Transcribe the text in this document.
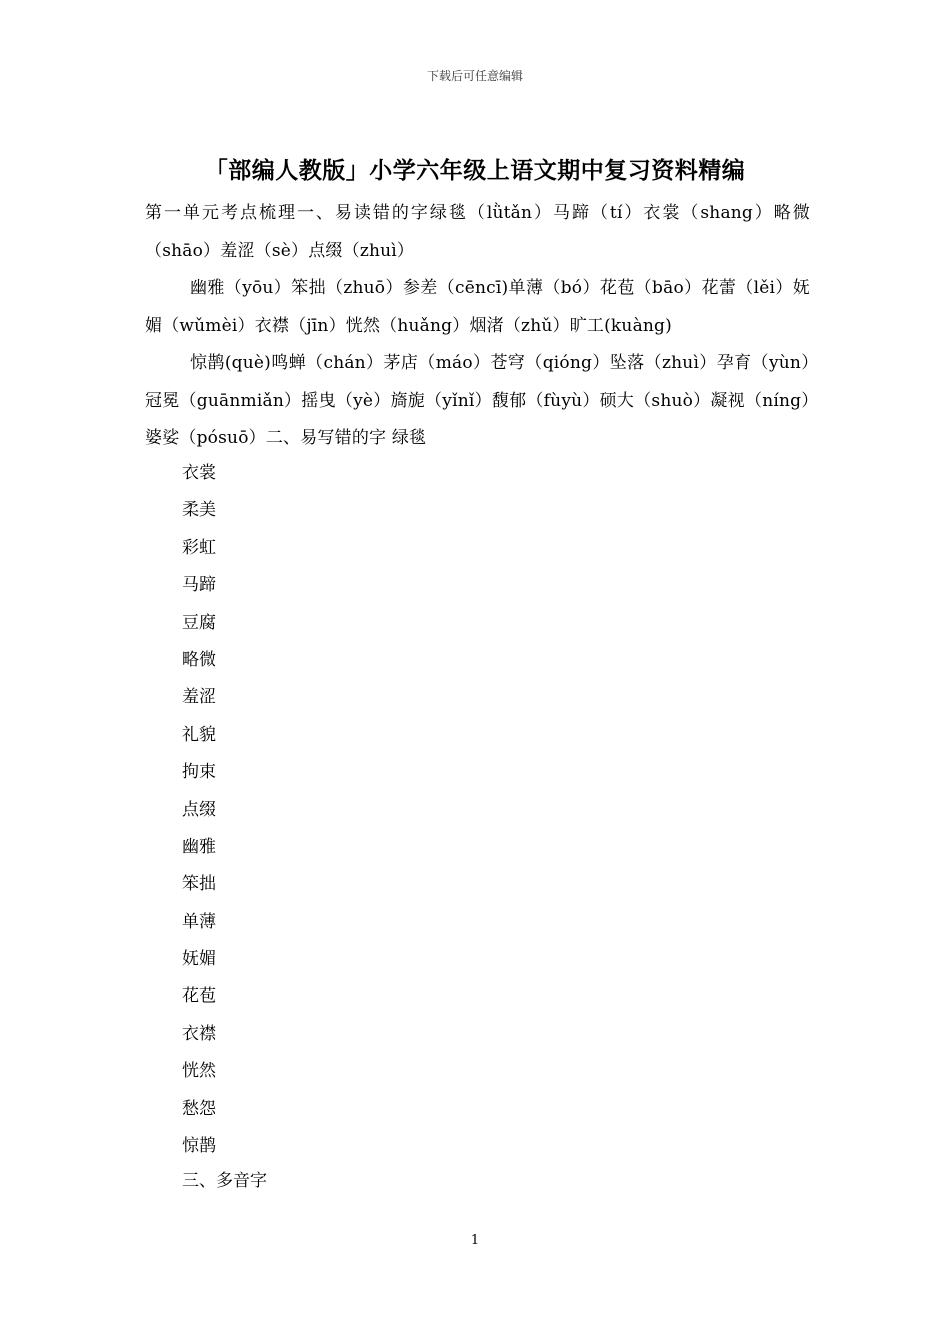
下载后可任意编辑
「部编人教版」小学六年级上语文期中复习资料精编

第一单元考点梳理一、易读错的字绿毯（lǜtǎn）马蹄（tí）衣裳（shang）略微（shāo）羞涩（sè）点缀（zhuì）

幽雅（yōu）笨拙（zhuō）参差（cēncī)单薄（bó）花苞（bāo）花蕾（lěi）妩媚（wǔmèi）衣襟（jīn）恍然（huǎng）烟渚（zhǔ）旷工(kuàng)

惊鹊(què)鸣蝉（chán）茅店（máo）苍穹（qióng）坠落（zhuì）孕育（yùn）冠冕（guānmiǎn）摇曳（yè）旖旎（yǐnǐ）馥郁（fùyù）硕大（shuò）凝视（níng）婆娑（pósuō）二、易写错的字 绿毯

衣裳
柔美
彩虹
马蹄
豆腐
略微
羞涩
礼貌
拘束
点缀
幽雅
笨拙
单薄
妩媚
花苞
衣襟
恍然
愁怨
惊鹊
三、多音字
1
